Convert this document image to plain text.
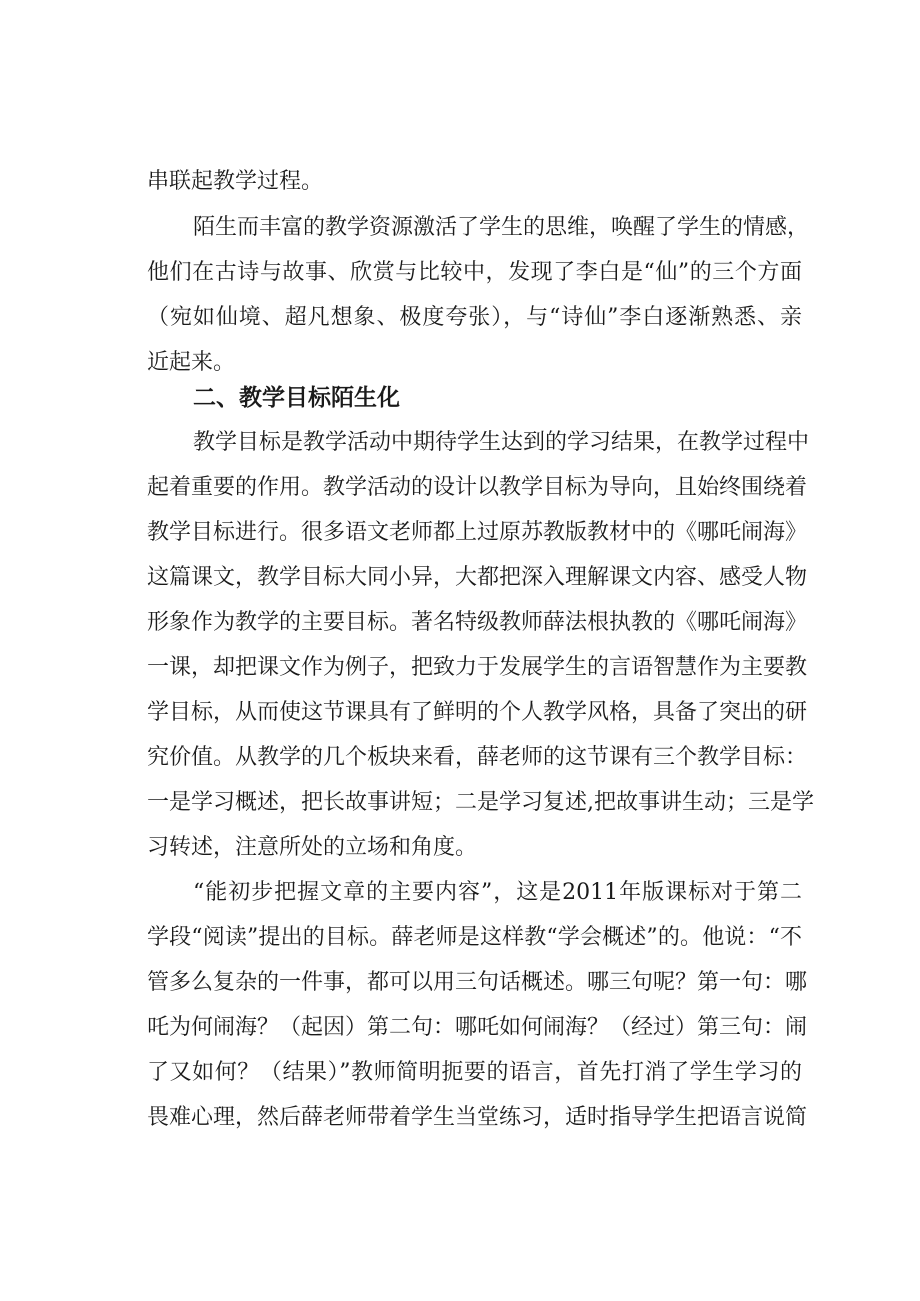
串联起教学过程。
陌生而丰富的教学资源激活了学生的思维，唤醒了学生的情感，
他们在古诗与故事、欣赏与比较中，发现了李白是“仙”的三个方面
（宛如仙境、超凡想象、极度夸张），与“诗仙”李白逐渐熟悉、亲
近起来。
二、教学目标陌生化
教学目标是教学活动中期待学生达到的学习结果，在教学过程中
起着重要的作用。教学活动的设计以教学目标为导向，且始终围绕着
教学目标进行。很多语文老师都上过原苏教版教材中的《哪吒闹海》
这篇课文，教学目标大同小异，大都把深入理解课文内容、感受人物
形象作为教学的主要目标。著名特级教师薛法根执教的《哪吒闹海》
一课，却把课文作为例子，把致力于发展学生的言语智慧作为主要教
学目标，从而使这节课具有了鲜明的个人教学风格，具备了突出的研
究价值。从教学的几个板块来看，薛老师的这节课有三个教学目标：
一是学习概述，把长故事讲短；二是学习复述,把故事讲生动；三是学
习转述，注意所处的立场和角度。
“能初步把握文章的主要内容”，这是2011年版课标对于第二
学段“阅读”提出的目标。薛老师是这样教“学会概述”的。他说：“不
管多么复杂的一件事，都可以用三句话概述。哪三句呢？第一句：哪
吒为何闹海？（起因）第二句：哪吒如何闹海？（经过）第三句：闹
了又如何？（结果）”教师简明扼要的语言，首先打消了学生学习的
畏难心理，然后薛老师带着学生当堂练习，适时指导学生把语言说简
